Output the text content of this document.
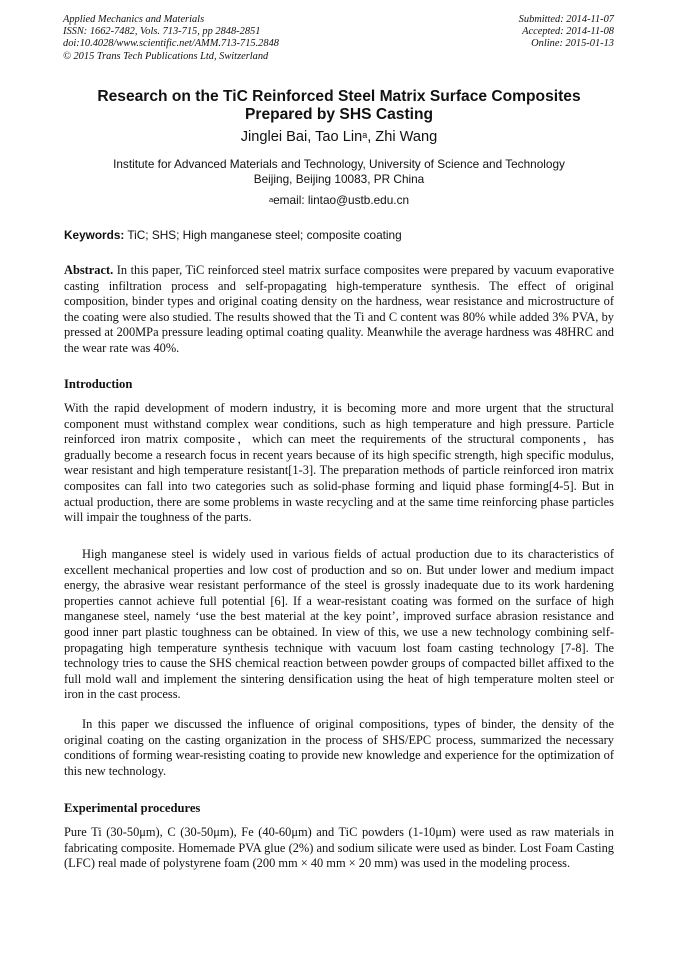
Applied Mechanics and Materials
ISSN: 1662-7482, Vols. 713-715, pp 2848-2851
doi:10.4028/www.scientific.net/AMM.713-715.2848
© 2015 Trans Tech Publications Ltd, Switzerland
Submitted: 2014-11-07
Accepted: 2014-11-08
Online: 2015-01-13
Research on the TiC Reinforced Steel Matrix Surface Composites
Prepared by SHS Casting
Jinglei Bai, Tao Lin$^a$, Zhi Wang
Institute for Advanced Materials and Technology, University of Science and Technology
Beijing, Beijing 10083, PR China
$^a$email: lintao@ustb.edu.cn
Keywords: TiC; SHS; High manganese steel; composite coating

Abstract. In this paper, TiC reinforced steel matrix surface composites were prepared by vacuum evaporative casting infiltration process and self-propagating high-temperature synthesis. The effect of original composition, binder types and original coating density on the hardness, wear resistance and microstructure of the coating were also studied. The results showed that the Ti and C content was 80% while added 3% PVA, by pressed at 200MPa pressure leading optimal coating quality. Meanwhile the average hardness was 48HRC and the wear rate was 40%.

Introduction

With the rapid development of modern industry, it is becoming more and more urgent that the structural component must withstand complex wear conditions, such as high temperature and high pressure. Particle reinforced iron matrix composite，which can meet the requirements of the structural components，has gradually become a research focus in recent years because of its high specific strength, high specific modulus, wear resistant and high temperature resistant[1-3]. The preparation methods of particle reinforced iron matrix composites can fall into two categories such as solid-phase forming and liquid phase forming[4-5]. But in actual production, there are some problems in waste recycling and at the same time reinforcing phase particles will impair the toughness of the parts.

High manganese steel is widely used in various fields of actual production due to its characteristics of excellent mechanical properties and low cost of production and so on. But under lower and medium impact energy, the abrasive wear resistant performance of the steel is grossly inadequate due to its work hardening properties cannot achieve full potential [6]. If a wear-resistant coating was formed on the surface of high manganese steel, namely ‘use the best material at the key point’, improved surface abrasion resistance and good inner part plastic toughness can be obtained. In view of this, we use a new technology combining self-propagating high temperature synthesis technique with vacuum lost foam casting technology [7-8]. The technology tries to cause the SHS chemical reaction between powder groups of compacted billet affixed to the full mold wall and implement the sintering densification using the heat of high temperature molten steel or iron in the cast process.

In this paper we discussed the influence of original compositions, types of binder, the density of the original coating on the casting organization in the process of SHS/EPC process, summarized the necessary conditions of forming wear-resisting coating to provide new knowledge and experience for the optimization of this new technology.

Experimental procedures

Pure Ti (30-50μm), C (30-50μm), Fe (40-60μm) and TiC powders (1-10μm) were used as raw materials in fabricating composite. Homemade PVA glue (2%) and sodium silicate were used as binder. Lost Foam Casting (LFC) real made of polystyrene foam (200 mm × 40 mm × 20 mm) was used in the modeling process.
